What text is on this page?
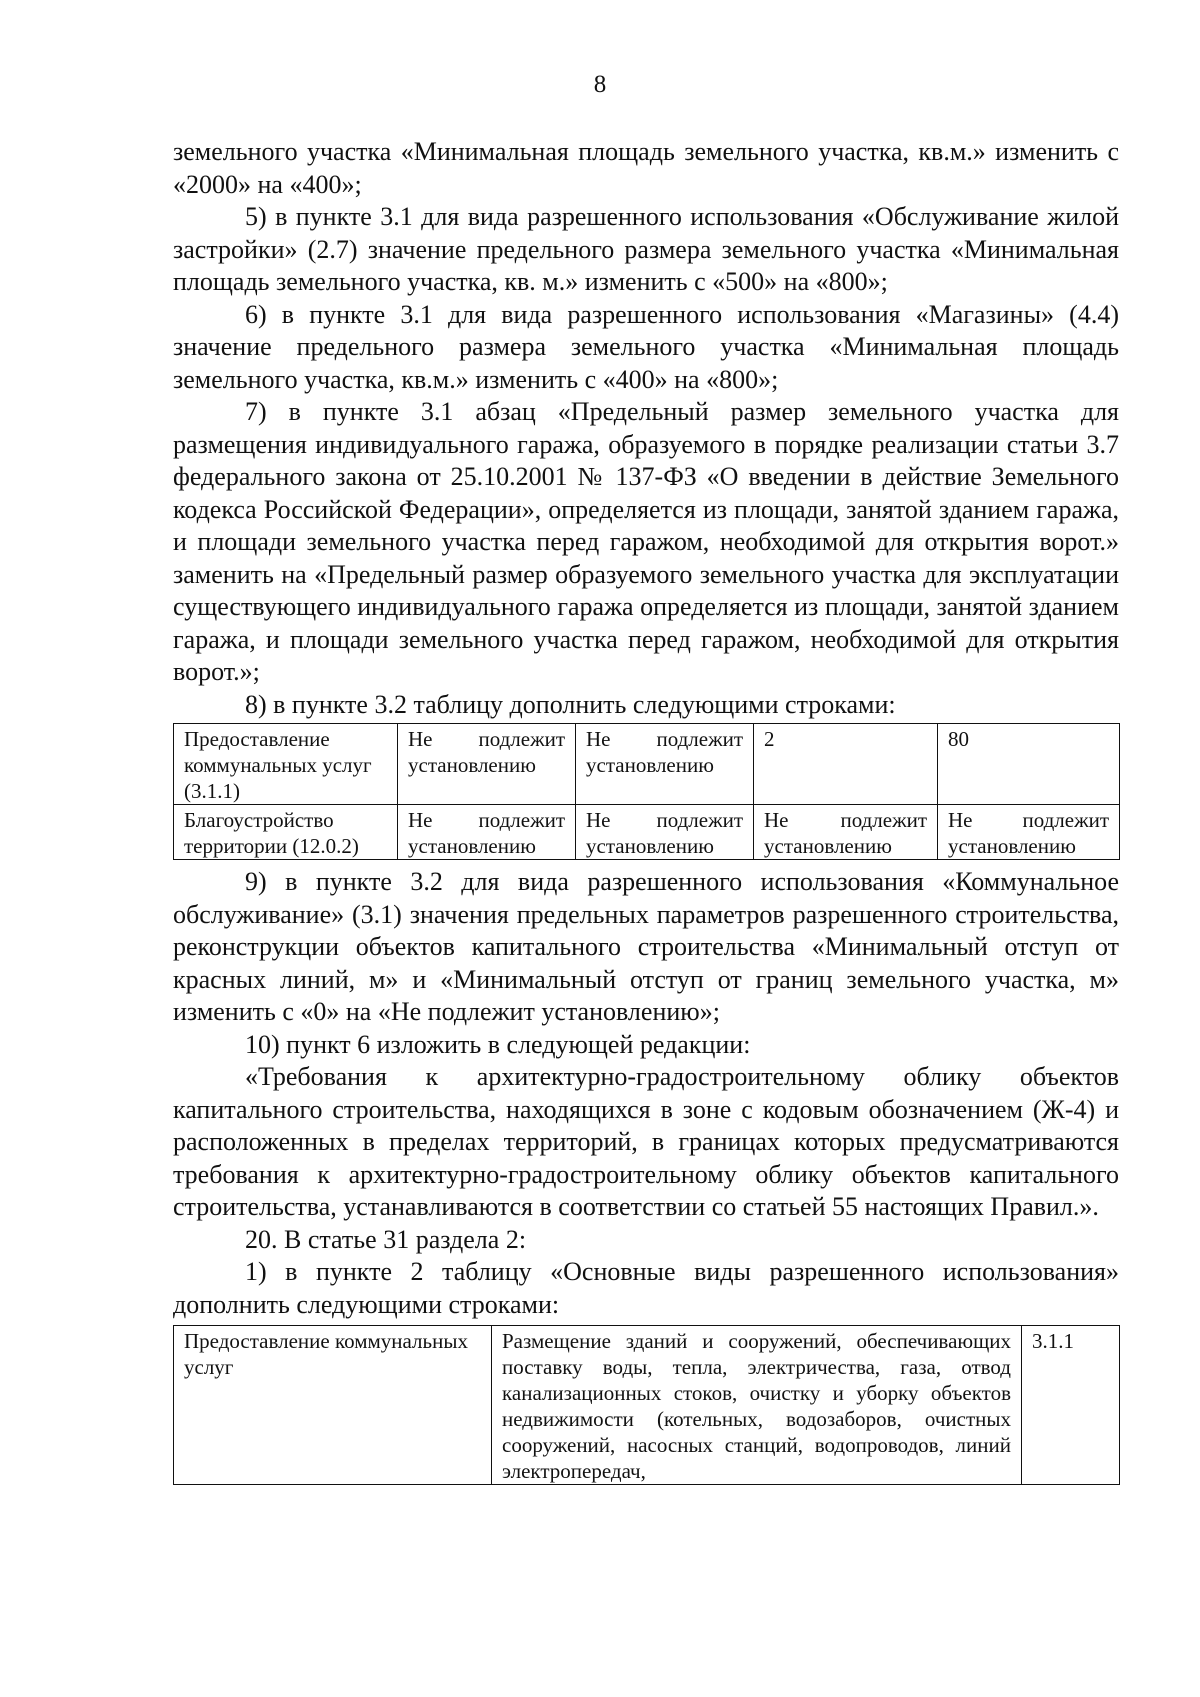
8

земельного участка «Минимальная площадь земельного участка, кв.м.» изменить с «2000» на «400»;

5) в пункте 3.1 для вида разрешенного использования «Обслуживание жилой застройки» (2.7) значение предельного размера земельного участка «Минимальная площадь земельного участка, кв. м.» изменить с «500» на «800»;

6) в пункте 3.1 для вида разрешенного использования «Магазины» (4.4) значение предельного размера земельного участка «Минимальная площадь земельного участка, кв.м.» изменить с «400» на «800»;

7) в пункте 3.1 абзац «Предельный размер земельного участка для размещения индивидуального гаража, образуемого в порядке реализации статьи 3.7 федерального закона от 25.10.2001 № 137-ФЗ «О введении в действие Земельного кодекса Российской Федерации», определяется из площади, занятой зданием гаража, и площади земельного участка перед гаражом, необходимой для открытия ворот.» заменить на «Предельный размер образуемого земельного участка для эксплуатации существующего индивидуального гаража определяется из площади, занятой зданием гаража, и площади земельного участка перед гаражом, необходимой для открытия ворот.»;

8) в пункте 3.2 таблицу дополнить следующими строками:

Предоставление коммунальных услуг (3.1.1)	Не подлежит установлению	Не подлежит установлению	2	80
Благоустройство территории (12.0.2)	Не подлежит установлению	Не подлежит установлению	Не подлежит установлению	Не подлежит установлению

9) в пункте 3.2 для вида разрешенного использования «Коммунальное обслуживание» (3.1) значения предельных параметров разрешенного строительства, реконструкции объектов капитального строительства «Минимальный отступ от красных линий, м» и «Минимальный отступ от границ земельного участка, м» изменить с «0» на «Не подлежит установлению»;

10) пункт 6 изложить в следующей редакции:

«Требования к архитектурно-градостроительному облику объектов капитального строительства, находящихся в зоне с кодовым обозначением (Ж-4) и расположенных в пределах территорий, в границах которых предусматриваются требования к архитектурно-градостроительному облику объектов капитального строительства, устанавливаются в соответствии со статьей 55 настоящих Правил.».

20. В статье 31 раздела 2:

1) в пункте 2 таблицу «Основные виды разрешенного использования» дополнить следующими строками:

Предоставление коммунальных услуг	Размещение зданий и сооружений, обеспечивающих поставку воды, тепла, электричества, газа, отвод канализационных стоков, очистку и уборку объектов недвижимости (котельных, водозаборов, очистных сооружений, насосных станций, водопроводов, линий электропередач,	3.1.1
